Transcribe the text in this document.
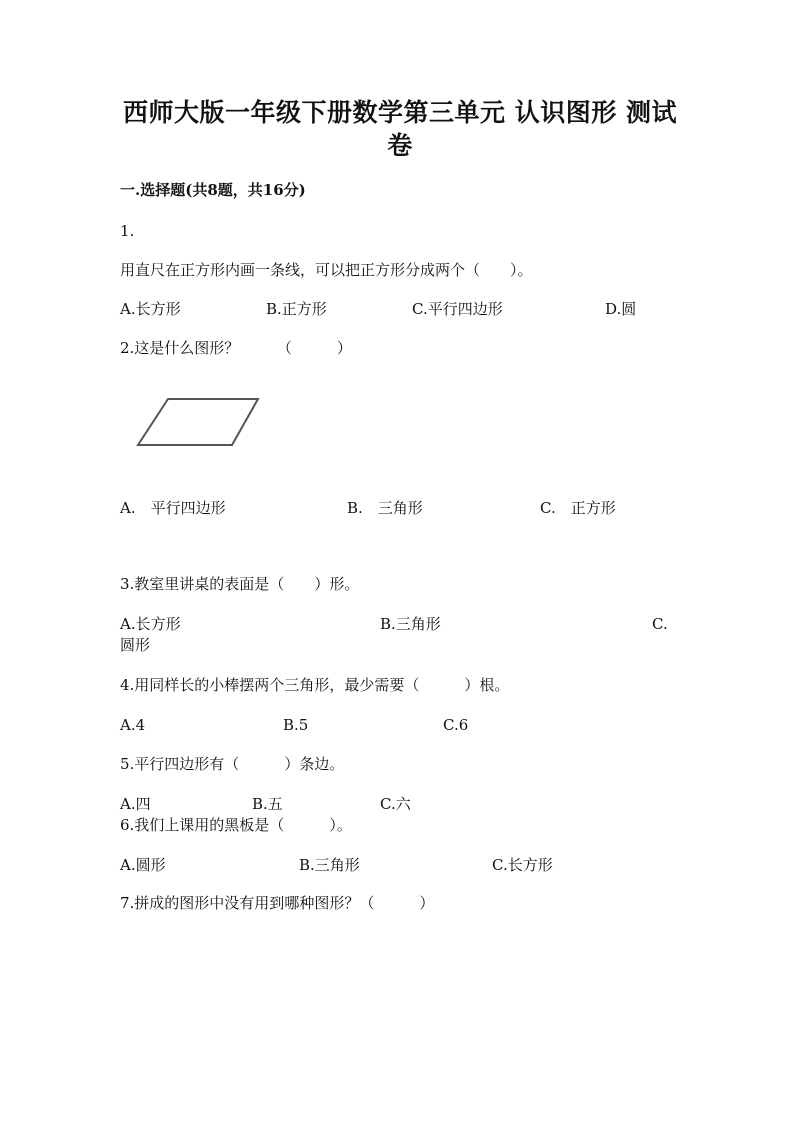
西师大版一年级下册数学第三单元 认识图形 测试
卷
一.选择题(共8题，共16分)
1.
用直尺在正方形内画一条线，可以把正方形分成两个（　　）。
A.长方形	B.正方形	C.平行四边形	D.圆
2.这是什么图形？　　　（　　　）
A.　平行四边形	B.　三角形	C.　正方形
3.教室里讲桌的表面是（　　）形。
A.长方形	B.三角形	C.
圆形
4.用同样长的小棒摆两个三角形，最少需要（　　　）根。
A.4	B.5	C.6
5.平行四边形有（　　　）条边。
A.四	B.五	C.六
6.我们上课用的黑板是（　　　）。
A.圆形	B.三角形	C.长方形
7.拼成的图形中没有用到哪种图形？（　　　）
